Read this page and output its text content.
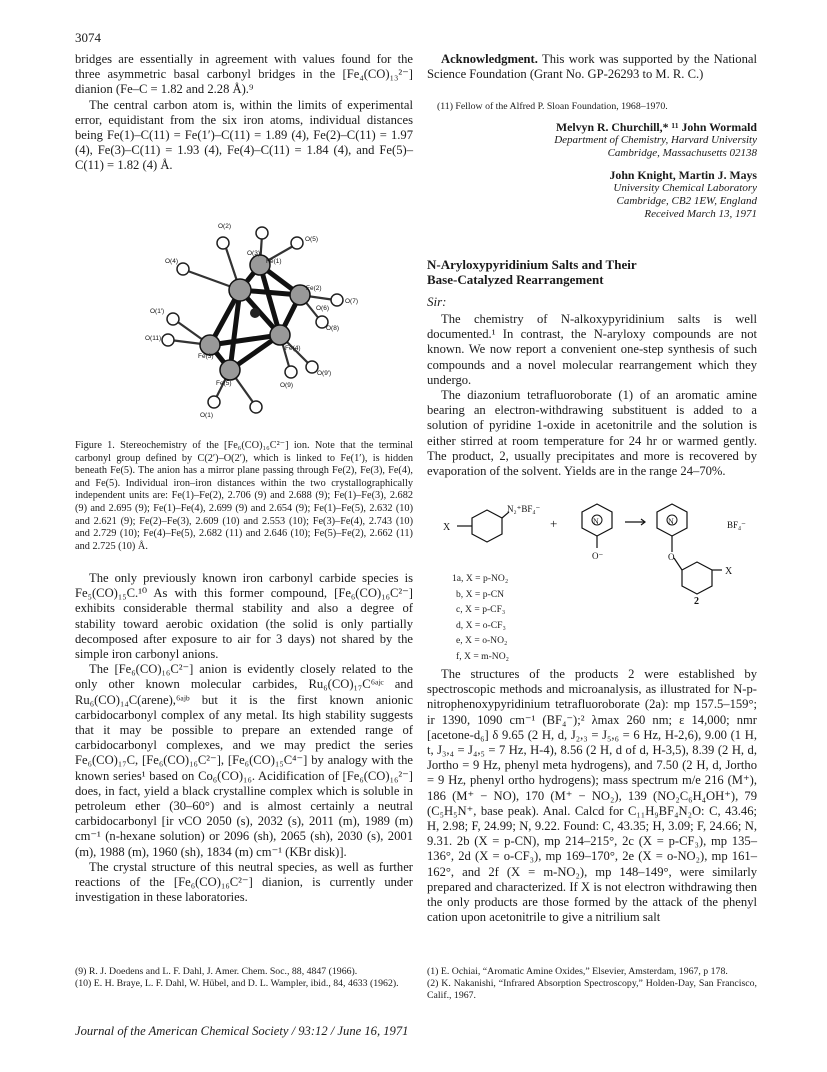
3074

bridges are essentially in agreement with values found for the three asymmetric basal carbonyl bridges in the [Fe₄(CO)₁₃²⁻] dianion (Fe–C = 1.82 and 2.28 Å).⁹

The central carbon atom is, within the limits of experimental error, equidistant from the six iron atoms, individual distances being Fe(1)–C(11) = Fe(1′)–C(11) = 1.89 (4), Fe(2)–C(11) = 1.97 (4), Fe(3)–C(11) = 1.93 (4), Fe(4)–C(11) = 1.84 (4), and Fe(5)–C(11) = 1.82 (4) Å.

O(2)
O(5)
O(3)
Fe(1)
O(4)
Fe(2)
O(6)
O(7)
O(1′)
O(11)
O(8)
Fe(3)
Fe(4)
O(9′)
O(9)
Fe(5)
O(1)
Figure 1. Stereochemistry of the [Fe₆(CO)₁₆C²⁻] ion. Note that the terminal carbonyl group defined by C(2′)–O(2′), which is linked to Fe(1′), is hidden beneath Fe(5). The anion has a mirror plane passing through Fe(2), Fe(3), Fe(4), and Fe(5). Individual iron–iron distances within the two crystallographically independent units are: Fe(1)–Fe(2), 2.706 (9) and 2.688 (9); Fe(1)–Fe(3), 2.682 (9) and 2.695 (9); Fe(1)–Fe(4), 2.699 (9) and 2.654 (9); Fe(1)–Fe(5), 2.632 (10) and 2.621 (9); Fe(2)–Fe(3), 2.609 (10) and 2.553 (10); Fe(3)–Fe(4), 2.743 (10) and 2.729 (10); Fe(4)–Fe(5), 2.682 (11) and 2.646 (10); Fe(5)–Fe(2), 2.662 (11) and 2.725 (10) Å.

The only previously known iron carbonyl carbide species is Fe₅(CO)₁₅C.¹⁰ As with this former compound, [Fe₆(CO)₁₆C²⁻] exhibits considerable thermal stability and also a degree of stability toward aerobic oxidation (the solid is only partially decomposed after exposure to air for 3 days) not shared by the simple iron carbonyl anions.

The [Fe₆(CO)₁₆C²⁻] anion is evidently closely related to the only other known molecular carbides, Ru₆(CO)₁₇C⁶ᵃʲᶜ and Ru₆(CO)₁₄C(arene),⁶ᵃʲᵇ but it is the first known anionic carbidocarbonyl complex of any metal. Its high stability suggests that it may be possible to prepare an extended range of carbidocarbonyl complexes, and we may predict the series Fe₆(CO)₁₇C, [Fe₆(CO)₁₆C²⁻], [Fe₆(CO)₁₅C⁴⁻] by analogy with the known series¹ based on Co₆(CO)₁₆. Acidification of [Fe₆(CO)₁₆²⁻] does, in fact, yield a black crystalline complex which is soluble in petroleum ether (30–60°) and is almost certainly a neutral carbidocarbonyl [ir νCO 2050 (s), 2032 (s), 2011 (m), 1989 (m) cm⁻¹ (n-hexane solution) or 2096 (sh), 2065 (sh), 2030 (s), 2001 (m), 1988 (m), 1960 (sh), 1834 (m) cm⁻¹ (KBr disk)].

The crystal structure of this neutral species, as well as further reactions of the [Fe₆(CO)₁₆C²⁻] dianion, is currently under investigation in these laboratories.

(9) R. J. Doedens and L. F. Dahl, J. Amer. Chem. Soc., 88, 4847 (1966).
(10) E. H. Braye, L. F. Dahl, W. Hübel, and D. L. Wampler, ibid., 84, 4633 (1962).

Acknowledgment. This work was supported by the National Science Foundation (Grant No. GP-26293 to M. R. C.)

(11) Fellow of the Alfred P. Sloan Foundation, 1968–1970.
Melvyn R. Churchill,* ¹¹ John Wormald
Department of Chemistry, Harvard University
Cambridge, Massachusetts 02138
John Knight, Martin J. Mays
University Chemical Laboratory
Cambridge, CB2 1EW, England
Received March 13, 1971
N-Aryloxypyridinium Salts and Their
Base-Catalyzed Rearrangement
Sir:

The chemistry of N-alkoxypyridinium salts is well documented.¹ In contrast, the N-aryloxy compounds are not known. We now report a convenient one-step synthesis of such compounds and a novel molecular rearrangement which they undergo.

The diazonium tetrafluoroborate (1) of an aromatic amine bearing an electron-withdrawing substituent is added to a solution of pyridine 1-oxide in acetonitrile and the solution is either stirred at room temperature for 24 hr or warmed gently. The product, 2, usually precipitates and more is recovered by evaporation of the solvent. Yields are in the range 24–70%.

X
N₂⁺BF₄⁻
+	N
O⁻
N
O
BF₄⁻
X
2
1a, X = p-NO₂
b, X = p-CN
c, X = p-CF₃
d, X = o-CF₃
e, X = o-NO₂
f, X = m-NO₂

The structures of the products 2 were established by spectroscopic methods and microanalysis, as illustrated for N-p-nitrophenoxypyridinium tetrafluoroborate (2a): mp 157.5–159°; ir 1390, 1090 cm⁻¹ (BF₄⁻);² λmax 260 nm; ε 14,000; nmr [acetone-d₆] δ 9.65 (2 H, d, J₂,₃ = J₅,₆ = 6 Hz, H-2,6), 9.00 (1 H, t, J₃,₄ = J₄,₅ = 7 Hz, H-4), 8.56 (2 H, d of d, H-3,5), 8.39 (2 H, d, Jortho = 9 Hz, phenyl meta hydrogens), and 7.50 (2 H, d, Jortho = 9 Hz, phenyl ortho hydrogens); mass spectrum m/e 216 (M⁺), 186 (M⁺ − NO), 170 (M⁺ − NO₂), 139 (NO₂C₆H₄OH⁺), 79 (C₅H₅N⁺, base peak). Anal. Calcd for C₁₁H₉BF₄N₂O: C, 43.46; H, 2.98; F, 24.99; N, 9.22. Found: C, 43.35; H, 3.09; F, 24.66; N, 9.31. 2b (X = p-CN), mp 214–215°, 2c (X = p-CF₃), mp 135–136°, 2d (X = o-CF₃), mp 169–170°, 2e (X = o-NO₂), mp 161–162°, and 2f (X = m-NO₂), mp 148–149°, were similarly prepared and characterized. If X is not electron withdrawing then the only products are those formed by the attack of the phenyl cation upon acetonitrile to give a nitrilium salt

(1) E. Ochiai, “Aromatic Amine Oxides,” Elsevier, Amsterdam, 1967, p 178.
(2) K. Nakanishi, “Infrared Absorption Spectroscopy,” Holden-Day, San Francisco, Calif., 1967.
Journal of the American Chemical Society / 93:12 / June 16, 1971
